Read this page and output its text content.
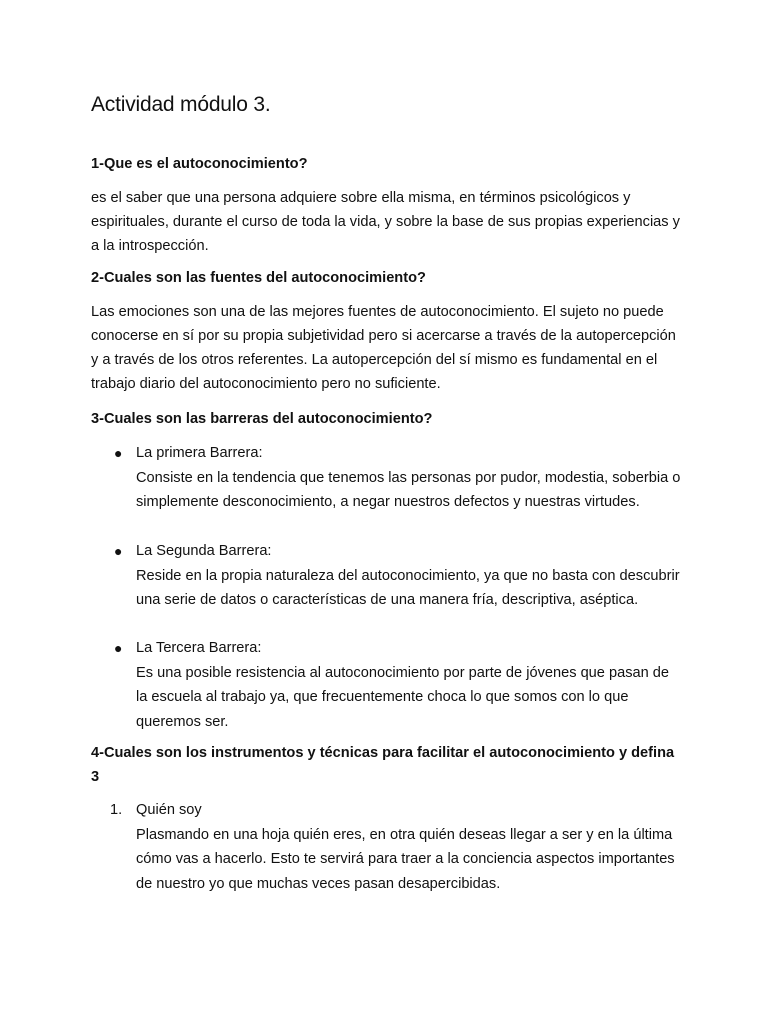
Actividad módulo 3.

1-Que es el autoconocimiento?

es el saber que una persona adquiere sobre ella misma, en términos psicológicos y espirituales, durante el curso de toda la vida, y sobre la base de sus propias experiencias y a la introspección.

2-Cuales son las fuentes del autoconocimiento?

Las emociones son una de las mejores fuentes de autoconocimiento. El sujeto no puede conocerse en sí por su propia subjetividad pero si acercarse a través de la autopercepción y a través de los otros referentes. La autopercepción del sí mismo es fundamental en el trabajo diario del autoconocimiento pero no suficiente.

3-Cuales son las barreras del autoconocimiento?

● La primera Barrera:
Consiste en la tendencia que tenemos las personas por pudor, modestia, soberbia o simplemente desconocimiento, a negar nuestros defectos y nuestras virtudes.
● La Segunda Barrera:
Reside en la propia naturaleza del autoconocimiento, ya que no basta con descubrir una serie de datos o características de una manera fría, descriptiva, aséptica.
● La Tercera Barrera:
Es una posible resistencia al autoconocimiento por parte de jóvenes que pasan de la escuela al trabajo ya, que frecuentemente choca lo que somos con lo que queremos ser.

4-Cuales son los instrumentos y técnicas para facilitar el autoconocimiento y defina 3

1. Quién soy
Plasmando en una hoja quién eres, en otra quién deseas llegar a ser y en la última cómo vas a hacerlo. Esto te servirá para traer a la conciencia aspectos importantes de nuestro yo que muchas veces pasan desapercibidas.
